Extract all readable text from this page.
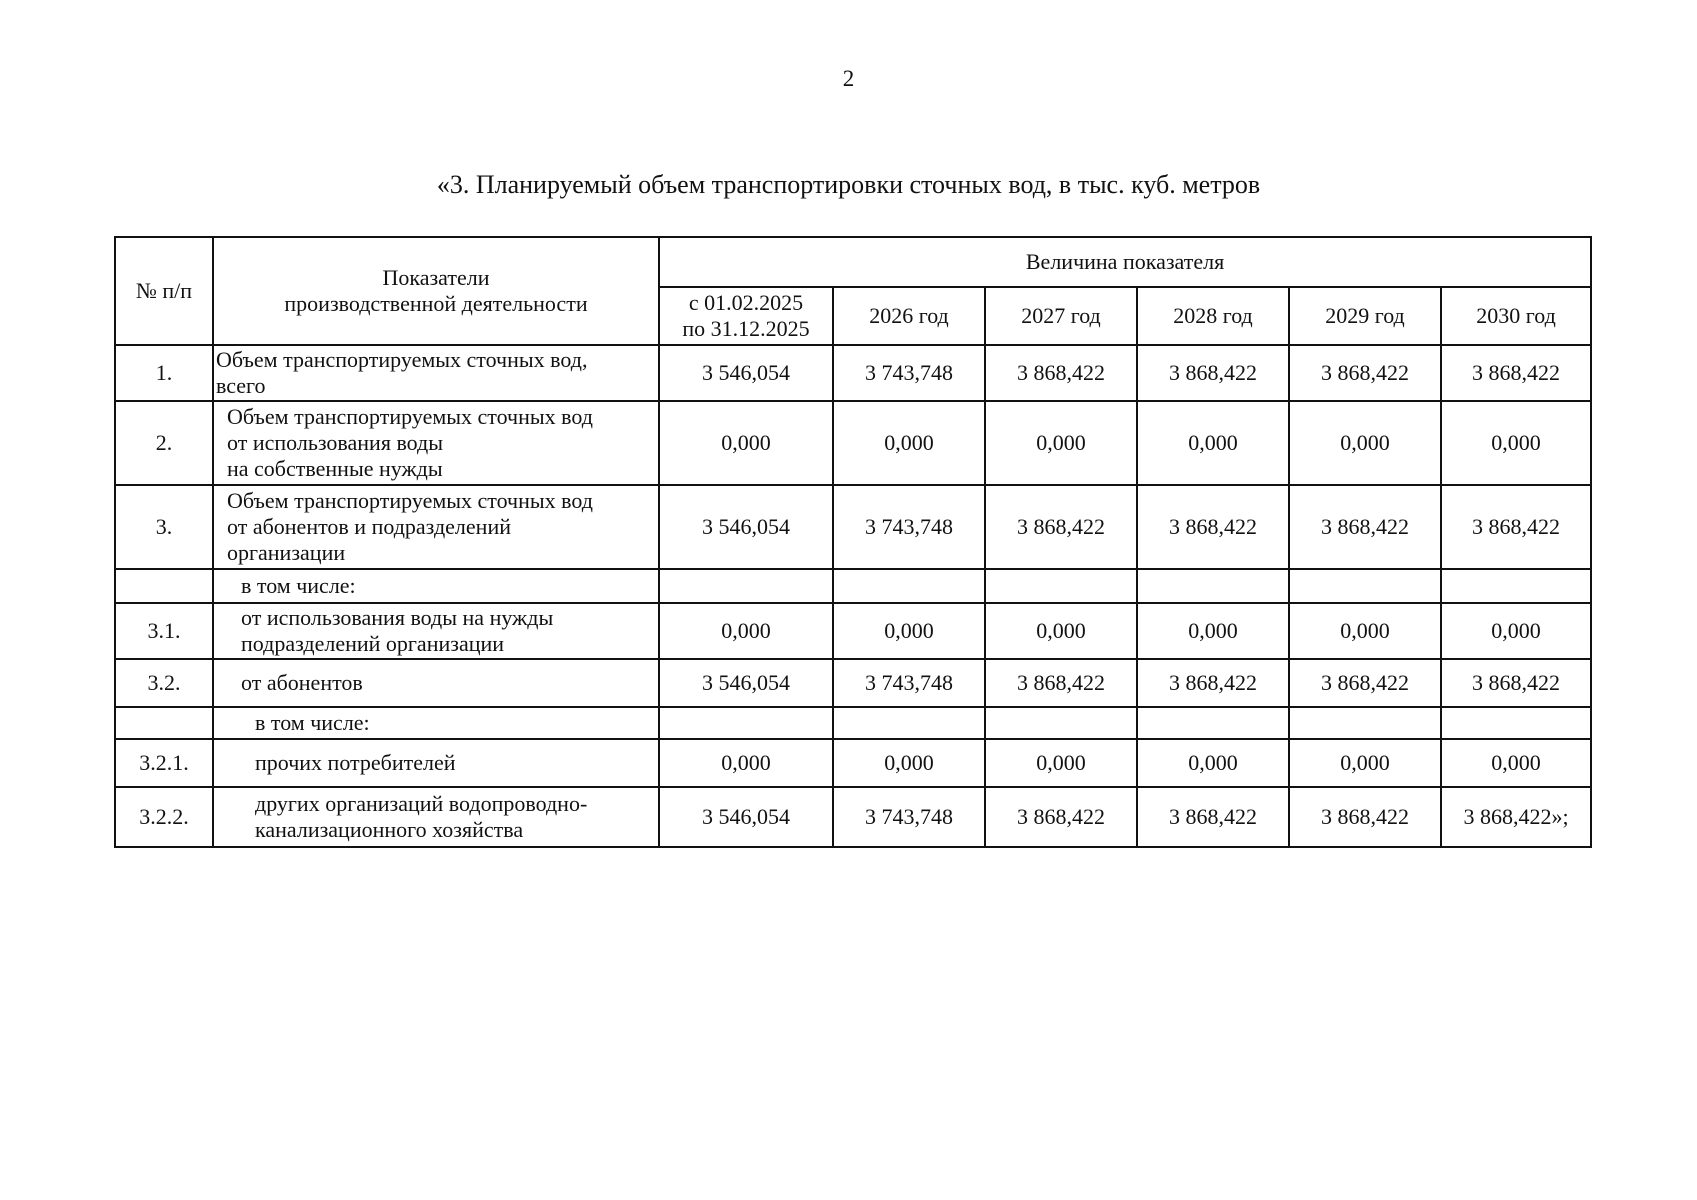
2
«3. Планируемый объем транспортировки сточных вод, в тыс. куб. метров
№ п/п	Показатели
производственной деятельности	Величина показателя					

		с 01.02.2025
по 31.12.2025	2026 год	2027 год	2028 год	2029 год	2030 год
1.	Объем транспортируемых сточных вод,
всего	3 546,054	3 743,748	3 868,422	3 868,422	3 868,422	3 868,422
2.	Объем транспортируемых сточных вод
от использования воды
на собственные нужды	0,000	0,000	0,000	0,000	0,000	0,000
3.	Объем транспортируемых сточных вод
от абонентов и подразделений
организации	3 546,054	3 743,748	3 868,422	3 868,422	3 868,422	3 868,422

	в том числе:						

3.1.	от использования воды на нужды
подразделений организации	0,000	0,000	0,000	0,000	0,000	0,000
3.2.	от абонентов	3 546,054	3 743,748	3 868,422	3 868,422	3 868,422	3 868,422

	в том числе:						

3.2.1.	прочих потребителей	0,000	0,000	0,000	0,000	0,000	0,000
3.2.2.	других организаций водопроводно-
канализационного хозяйства	3 546,054	3 743,748	3 868,422	3 868,422	3 868,422	3 868,422»;
